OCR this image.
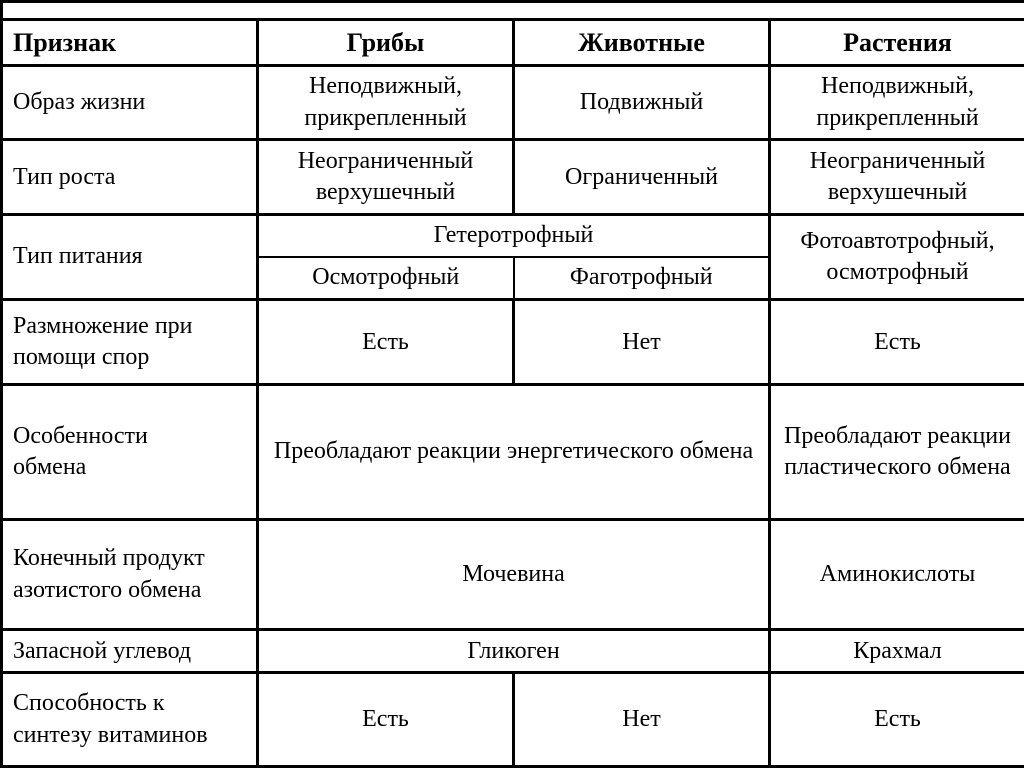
Признак	Грибы	Животные	Растения
Образ жизни	Неподвижный, прикрепленный	Подвижный	Неподвижный, прикрепленный
Тип роста	Неограниченный верхушечный	Ограниченный	Неограниченный верхушечный
Тип питания	Гетеротрофный		Фотоавтотрофный, осмотрофный
	Осмотрофный	Фаготрофный	
Размножение при помощи спор	Есть	Нет	Есть
Особенности обмена	Преобладают реакции энергетического обмена		Преобладают реакции пластического обмена
Конечный продукт азотистого обмена	Мочевина		Аминокислоты
Запасной углевод	Гликоген		Крахмал
Способность к синтезу витаминов	Есть	Нет	Есть
